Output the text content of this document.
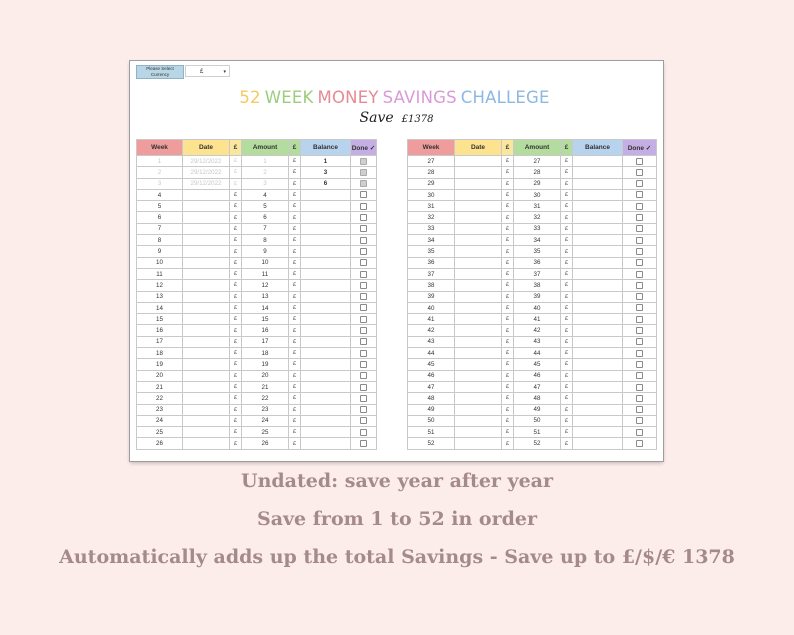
Please Select Currency	£	▾
52 WEEK MONEY SAVINGS CHALLEGE
Save £1378
Week	Date	£	Amount	£	Balance	Done ✓
1	29/12/2022	£	1	£	1	
2	29/12/2022	£	2	£	3	
3	29/12/2022	£	3	£	6	
4		£	4	£		
5		£	5	£		
6		£	6	£		
7		£	7	£		
8		£	8	£		
9		£	9	£		
10		£	10	£		
11		£	11	£		
12		£	12	£		
13		£	13	£		
14		£	14	£		
15		£	15	£		
16		£	16	£		
17		£	17	£		
18		£	18	£		
19		£	19	£		
20		£	20	£		
21		£	21	£		
22		£	22	£		
23		£	23	£		
24		£	24	£		
25		£	25	£		
26		£	26	£		
Week	Date	£	Amount	£	Balance	Done ✓
27		£	27	£		
28		£	28	£		
29		£	29	£		
30		£	30	£		
31		£	31	£		
32		£	32	£		
33		£	33	£		
34		£	34	£		
35		£	35	£		
36		£	36	£		
37		£	37	£		
38		£	38	£		
39		£	39	£		
40		£	40	£		
41		£	41	£		
42		£	42	£		
43		£	43	£		
44		£	44	£		
45		£	45	£		
46		£	46	£		
47		£	47	£		
48		£	48	£		
49		£	49	£		
50		£	50	£		
51		£	51	£		
52		£	52	£		
Undated: save year after year
Save from 1 to 52 in order
Automatically adds up the total Savings - Save up to £/$/€ 1378
